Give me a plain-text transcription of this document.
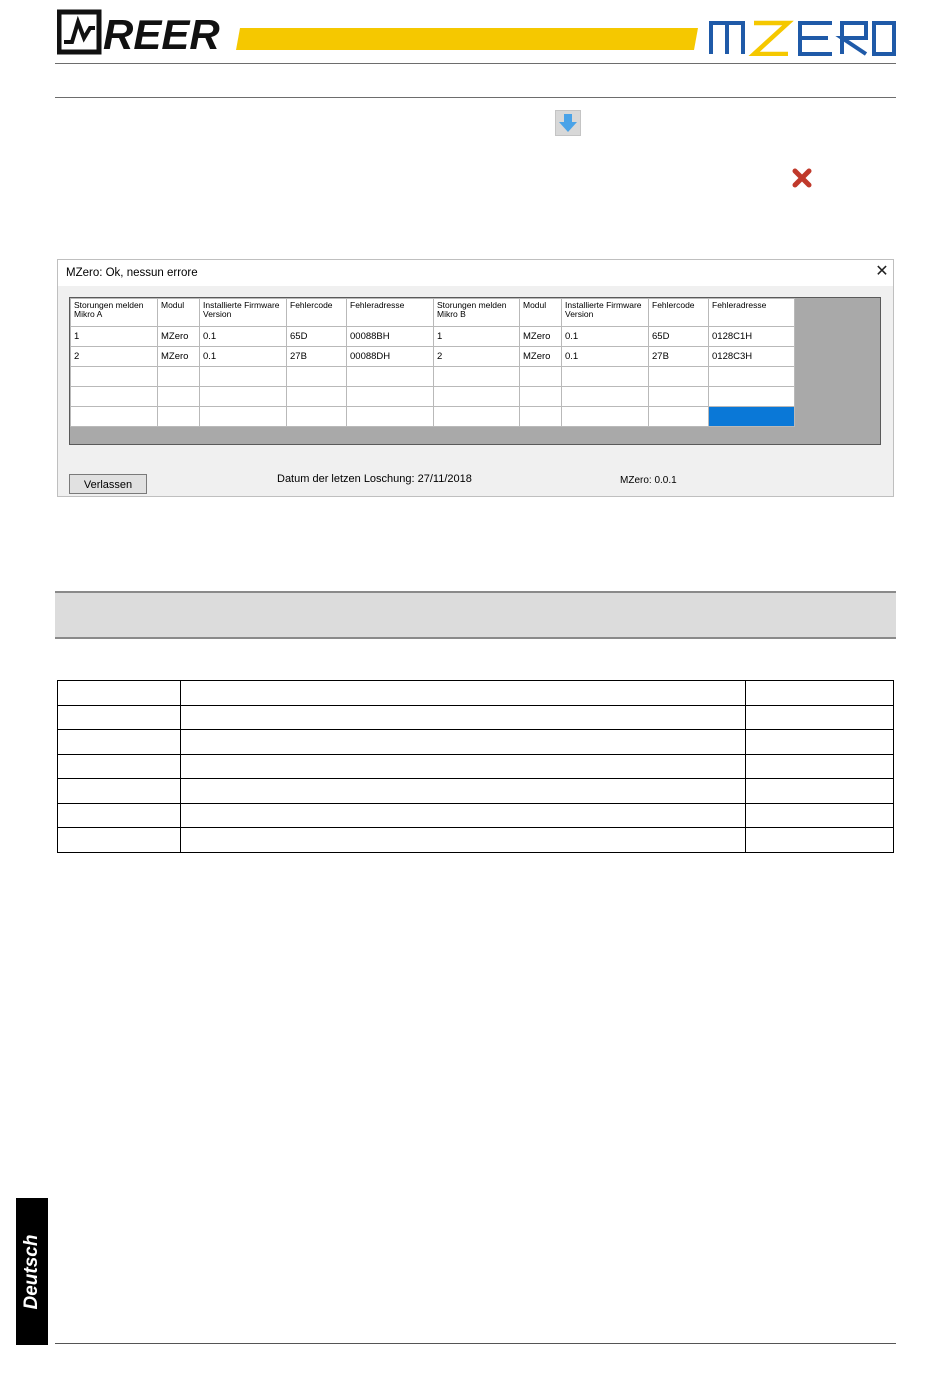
REER	MZERO
MZero: Ok, nessun errore	✕
Storungen melden Mikro A	Modul	Installierte Firmware Version	Fehlercode	Fehleradresse	Storungen melden Mikro B	Modul	Installierte Firmware Version	Fehlercode	Fehleradresse
1	MZero	0.1	65D	00088BH	1	MZero	0.1	65D	0128C1H
2	MZero	0.1	27B	00088DH	2	MZero	0.1	27B	0128C3H

Verlassen	Datum der letzen Loschung: 27/11/2018	MZero: 0.0.1

Deutsch
